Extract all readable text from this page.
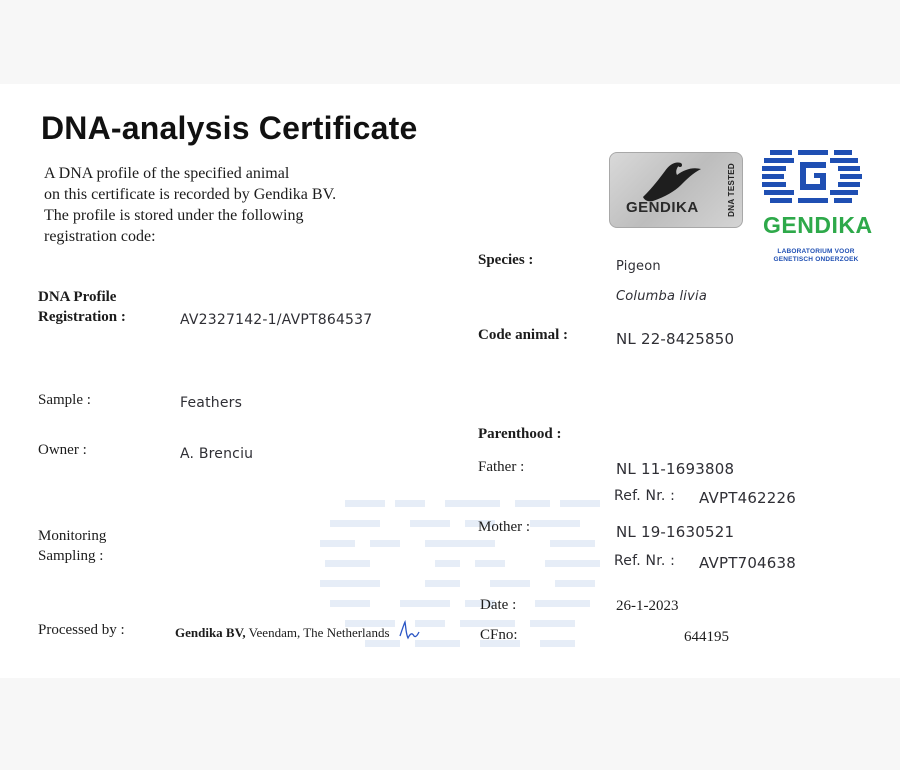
DNA-analysis Certificate
A DNA profile of the specified animal
on this certificate is recorded by Gendika BV.
The profile is stored under the following
registration code:
GENDIKA	DNA TESTED
GENDIKA
LABORATORIUM VOOR
GENETISCH ONDERZOEK
DNA Profile
Registration :	AV2327142-1/AVPT864537
Sample :	Feathers
Owner :	A. Brenciu
Monitoring
Sampling :
Processed by :	Gendika BV, Veendam, The Netherlands
Species :	Pigeon
Columba livia
Code animal :	NL 22-8425850
Parenthood :
Father :	NL 11-1693808
Ref. Nr. : AVPT462226
Mother :	NL 19-1630521
Ref. Nr. : AVPT704638
Date :	26-1-2023
CFno:	644195
